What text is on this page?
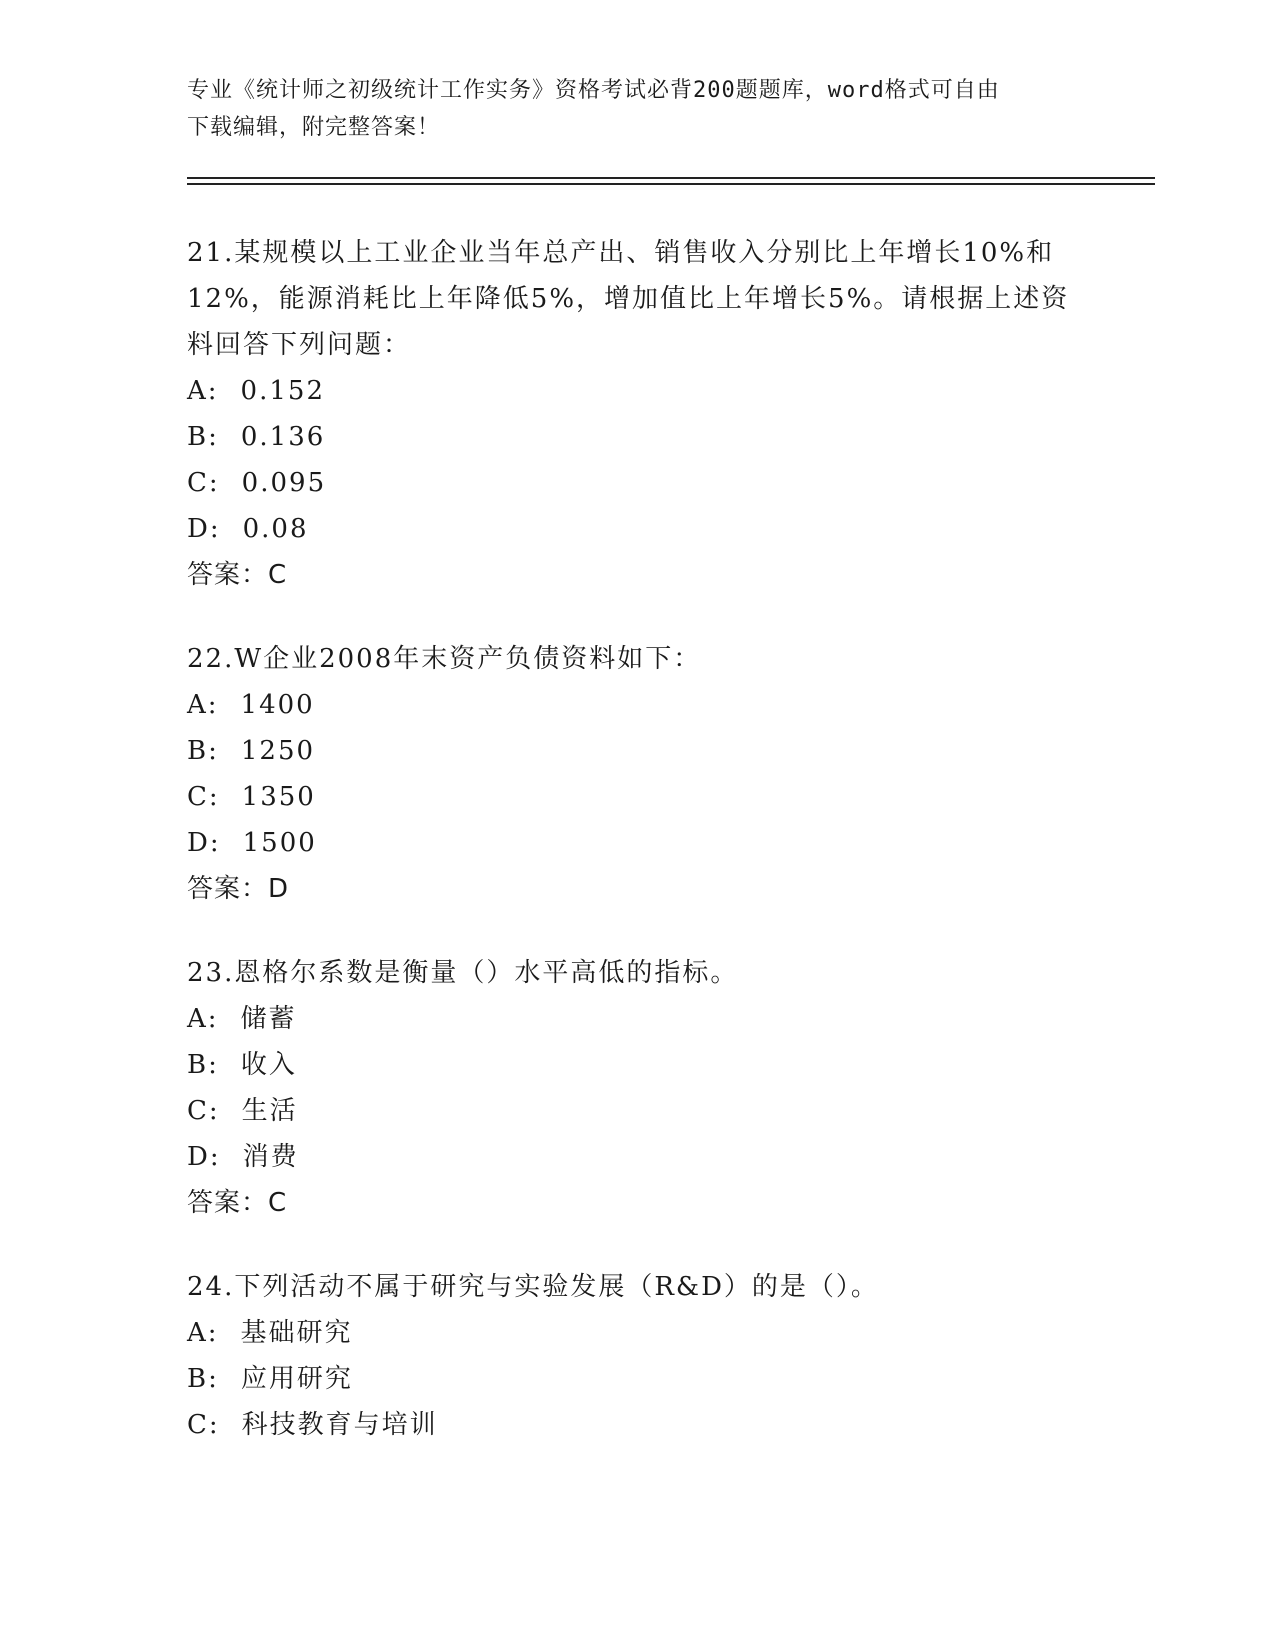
专业《统计师之初级统计工作实务》资格考试必背200题题库，word格式可自由
下载编辑，附完整答案！
21.某规模以上工业企业当年总产出、销售收入分别比上年增长10%和12%，能源消耗比上年降低5%，增加值比上年增长5%。请根据上述资料回答下列问题：
A: 0.152
B: 0.136
C: 0.095
D: 0.08
答案：C
22.W企业2008年末资产负债资料如下：
A: 1400
B: 1250
C: 1350
D: 1500
答案：D
23.恩格尔系数是衡量（）水平高低的指标。
A: 储蓄
B: 收入
C: 生活
D: 消费
答案：C
24.下列活动不属于研究与实验发展（R&D）的是（）。
A: 基础研究
B: 应用研究
C: 科技教育与培训
